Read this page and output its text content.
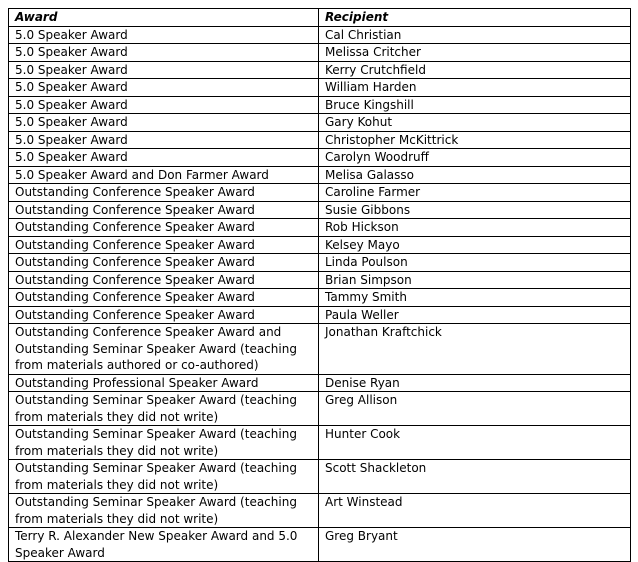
Award	Recipient
5.0 Speaker Award	Cal Christian
5.0 Speaker Award	Melissa Critcher
5.0 Speaker Award	Kerry Crutchfield
5.0 Speaker Award	William Harden
5.0 Speaker Award	Bruce Kingshill
5.0 Speaker Award	Gary Kohut
5.0 Speaker Award	Christopher McKittrick
5.0 Speaker Award	Carolyn Woodruff
5.0 Speaker Award and Don Farmer Award	Melisa Galasso
Outstanding Conference Speaker Award	Caroline Farmer
Outstanding Conference Speaker Award	Susie Gibbons
Outstanding Conference Speaker Award	Rob Hickson
Outstanding Conference Speaker Award	Kelsey Mayo
Outstanding Conference Speaker Award	Linda Poulson
Outstanding Conference Speaker Award	Brian Simpson
Outstanding Conference Speaker Award	Tammy Smith
Outstanding Conference Speaker Award	Paula Weller
Outstanding Conference Speaker Award and Outstanding Seminar Speaker Award (teaching from materials authored or co-authored)	Jonathan Kraftchick
Outstanding Professional Speaker Award	Denise Ryan
Outstanding Seminar Speaker Award (teaching from materials they did not write)	Greg Allison
Outstanding Seminar Speaker Award (teaching from materials they did not write)	Hunter Cook
Outstanding Seminar Speaker Award (teaching from materials they did not write)	Scott Shackleton
Outstanding Seminar Speaker Award (teaching from materials they did not write)	Art Winstead
Terry R. Alexander New Speaker Award and 5.0 Speaker Award	Greg Bryant
